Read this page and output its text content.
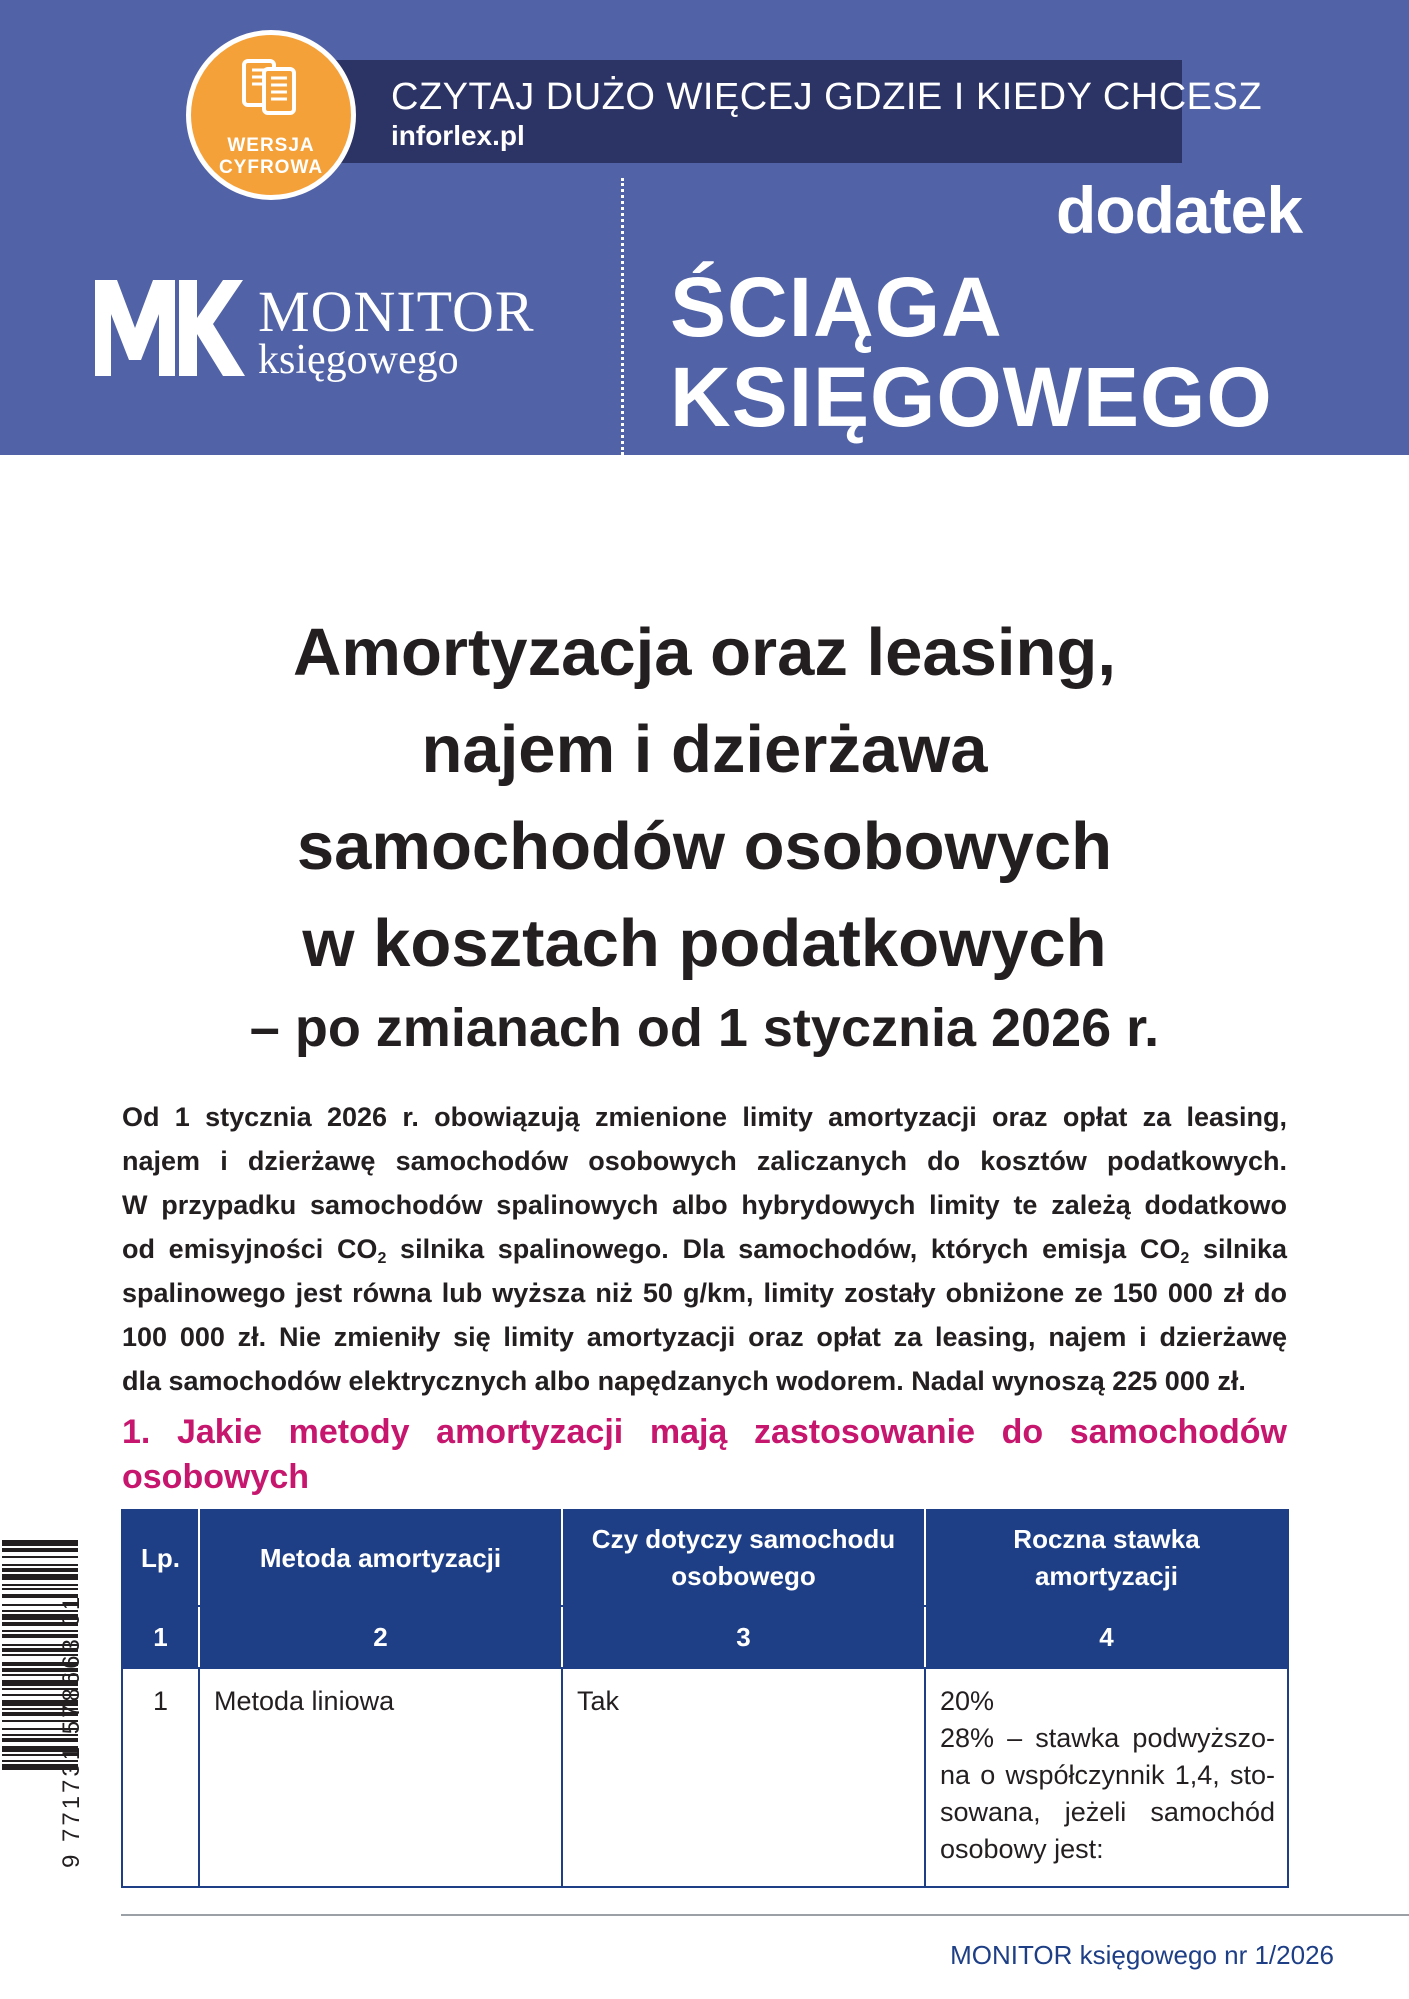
CZYTAJ DUŻO WIĘCEJ GDZIE I KIEDY CHCESZ
inforlex.pl
WERSJA
CYFROWA
dodatek
ŚCIĄGA
KSIĘGOWEGO
MONITOR
księgowego
Amortyzacja oraz leasing,
najem i dzierżawa
samochodów osobowych
w kosztach podatkowych
– po zmianach od 1 stycznia 2026 r.
Od 1 stycznia 2026 r. obowiązują zmienione limity amortyzacji oraz opłat za leasing,
najem i dzierżawę samochodów osobowych zaliczanych do kosztów podatkowych.
W przypadku samochodów spalinowych albo hybrydowych limity te zależą dodatkowo
od emisyjności $CO_2$ silnika spalinowego. Dla samochodów, których emisja $CO_2$ silnika
spalinowego jest równa lub wyższa niż 50 g/km, limity zostały obniżone ze 150 000 zł do
100 000 zł. Nie zmieniły się limity amortyzacji oraz opłat za leasing, najem i dzierżawę
dla samochodów elektrycznych albo napędzanych wodorem. Nadal wynoszą 225 000 zł.
1. Jakie metody amortyzacji mają zastosowanie do samochodów
osobowych
Lp.	Metoda amortyzacji	Czy dotyczy samochodu
osobowego	Roczna stawka
amortyzacji
1	2	3	4
1	Metoda liniowa	Tak	20%
28% – stawka podwyższo-
na o współczynnik 1,4, sto-
sowana, jeżeli samochód
osobowy jest:
9 771731 578663 01
MONITOR księgowego nr 1/2026
